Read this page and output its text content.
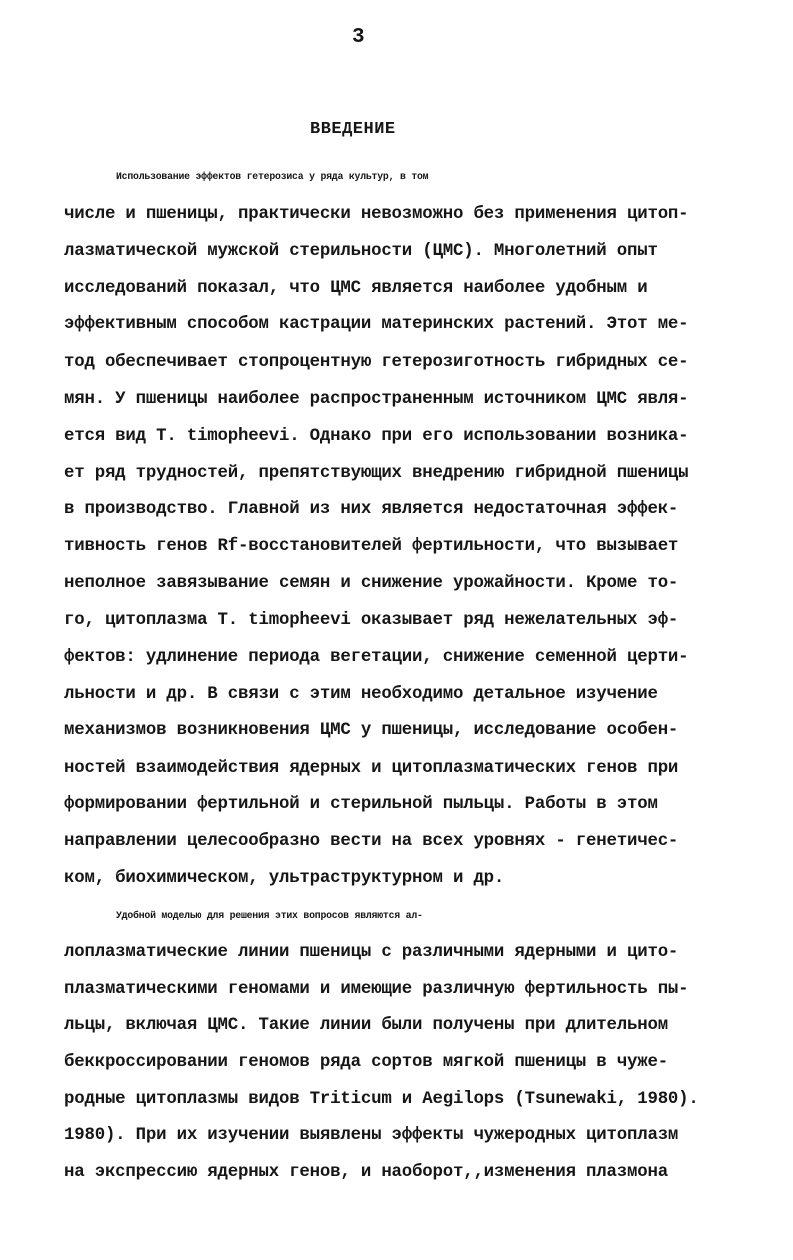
3
ВВЕДЕНИЕ
Использование эффектов гетерозиса у ряда культур, в том
числе и пшеницы, практически невозможно без применения цитоп-
лазматической мужской стерильности (ЦМС). Многолетний опыт
исследований показал, что ЦМС является наиболее удобным и
эффективным способом кастрации материнских растений. Этот ме-
тод обеспечивает стопроцентную гетерозиготность гибридных се-
мян. У пшеницы наиболее распространенным источником ЦМС явля-
ется вид T. timopheevi. Однако при его использовании возника-
ет ряд трудностей, препятствующих внедрению гибридной пшеницы
в производство. Главной из них является недостаточная эффек-
тивность генов Rf-восстановителей фертильности, что вызывает
неполное завязывание семян и снижение урожайности. Кроме то-
го, цитоплазма T. timopheevi оказывает ряд нежелательных эф-
фектов: удлинение периода вегетации, снижение семенной церти-
льности и др. В связи с этим необходимо детальное изучение
механизмов возникновения ЦМС у пшеницы, исследование особен-
ностей взаимодействия ядерных и цитоплазматических генов при
формировании фертильной и стерильной пыльцы. Работы в этом
направлении целесообразно вести на всех уровнях - генетичес-
ком, биохимическом, ультраструктурном и др.
Удобной моделью для решения этих вопросов являются ал-
лоплазматические линии пшеницы с различными ядерными и цито-
плазматическими геномами и имеющие различную фертильность пы-
льцы, включая ЦМС. Такие линии были получены при длительном
беккроссировании геномов ряда сортов мягкой пшеницы в чуже-
родные цитоплазмы видов Triticum и Aegilops (Tsunewaki, 1980).
1980). При их изучении выявлены эффекты чужеродных цитоплазм
на экспрессию ядерных генов, и наоборот,,изменения плазмона
